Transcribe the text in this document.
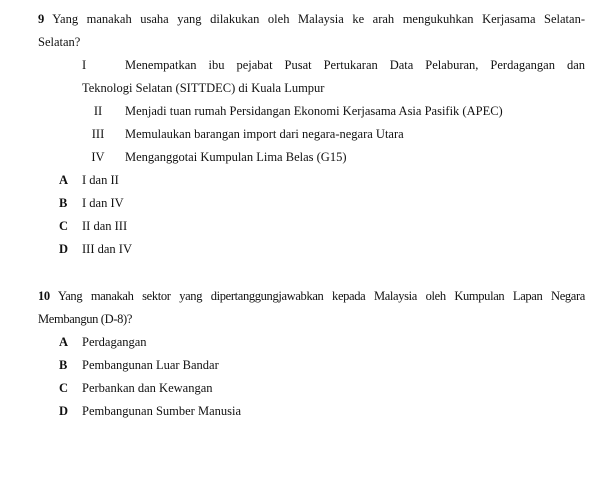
9 Yang manakah usaha yang dilakukan oleh Malaysia ke arah mengukuhkan Kerjasama Selatan-
Selatan?
I	Menempatkan ibu pejabat Pusat Pertukaran Data Pelaburan, Perdagangan dan
Teknologi Selatan (SITTDEC) di Kuala Lumpur
II	Menjadi tuan rumah Persidangan Ekonomi Kerjasama Asia Pasifik (APEC)
III	Memulaukan barangan import dari negara-negara Utara
IV	Menganggotai Kumpulan Lima Belas (G15)
A I dan II
B I dan IV
C II dan III
D III dan IV
10 Yang manakah sektor yang dipertanggungjawabkan kepada Malaysia oleh Kumpulan Lapan Negara
Membangun (D-8)?
A Perdagangan
B Pembangunan Luar Bandar
C Perbankan dan Kewangan
D Pembangunan Sumber Manusia
